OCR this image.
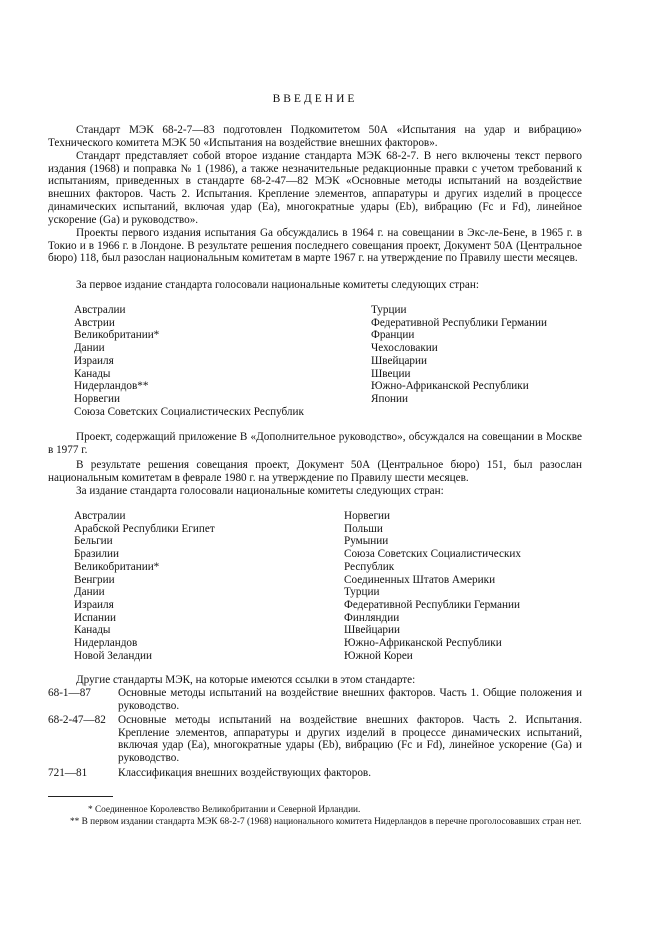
ВВЕДЕНИЕ

Стандарт МЭК 68-2-7—83 подготовлен Подкомитетом 50А «Испытания на удар и вибрацию» Технического комитета МЭК 50 «Испытания на воздействие внешних факторов».

Стандарт представляет собой второе издание стандарта МЭК 68-2-7. В него включены текст первого издания (1968) и поправка № 1 (1986), а также незначительные редакционные правки с учетом требований к испытаниям, приведенных в стандарте 68-2-47—82 МЭК «Основные методы испытаний на воздействие внешних факторов. Часть 2. Испытания. Крепление элементов, аппаратуры и других изделий в процессе динамических испытаний, включая удар (Еа), многократные удары (Eb), вибрацию (Fc и Fd), линейное ускорение (Ga) и руководство».

Проекты первого издания испытания Ga обсуждались в 1964 г. на совещании в Экс-ле-Бене, в 1965 г. в Токио и в 1966 г. в Лондоне. В результате решения последнего совещания проект, Документ 50А (Центральное бюро) 118, был разослан национальным комитетам в марте 1967 г. на утверждение по Правилу шести месяцев.

За первое издание стандарта голосовали национальные комитеты следующих стран:

Австралии
Австрии
Великобритании*
Дании
Израиля
Канады
Нидерландов**
Норвегии
Союза Советских Социалистических Республик
Турции
Федеративной Республики Германии
Франции
Чехословакии
Швейцарии
Швеции
Южно-Африканской Республики
Японии

Проект, содержащий приложение В «Дополнительное руководство», обсуждался на совещании в Москве в 1977 г.

В результате решения совещания проект, Документ 50А (Центральное бюро) 151, был разослан национальным комитетам в феврале 1980 г. на утверждение по Правилу шести месяцев.

За издание стандарта голосовали национальные комитеты следующих стран:

Австралии
Арабской Республики Египет
Бельгии
Бразилии
Великобритании*
Венгрии
Дании
Израиля
Испании
Канады
Нидерландов
Новой Зеландии
Норвегии
Польши
Румынии
Союза Советских Социалистических
Республик
Соединенных Штатов Америки
Турции
Федеративной Республики Германии
Финляндии
Швейцарии
Южно-Африканской Республики
Южной Кореи

Другие стандарты МЭК, на которые имеются ссылки в этом стандарте:

68-1—87 Основные методы испытаний на воздействие внешних факторов. Часть 1. Общие положения и руководство.
68-2-47—82 Основные методы испытаний на воздействие внешних факторов. Часть 2. Испытания. Крепление элементов, аппаратуры и других изделий в процессе динамических испытаний, включая удар (Еа), многократные удары (Eb), вибрацию (Fc и Fd), линейное ускорение (Ga) и руководство.
721—81	Классификация внешних воздействующих факторов.

* Соединенное Королевство Великобритании и Северной Ирландии.

** В первом издании стандарта МЭК 68-2-7 (1968) национального комитета Нидерландов в перечне проголосовавших стран нет.
